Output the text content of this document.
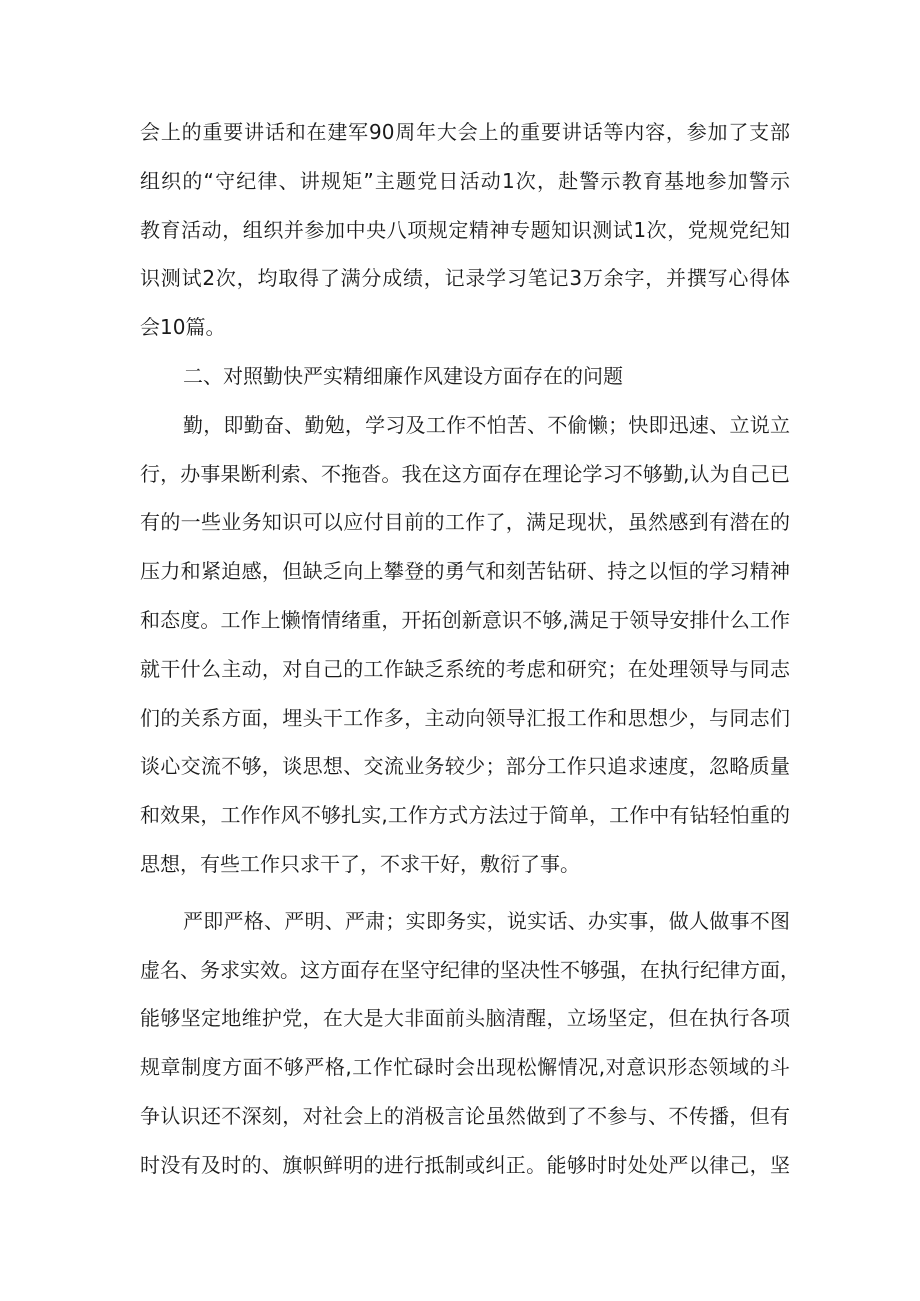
会上的重要讲话和在建军90周年大会上的重要讲话等内容，参加了支部
组织的“守纪律、讲规矩”主题党日活动1次，赴警示教育基地参加警示
教育活动，组织并参加中央八项规定精神专题知识测试1次，党规党纪知
识测试2次，均取得了满分成绩，记录学习笔记3万余字，并撰写心得体
会10篇。
二、对照勤快严实精细廉作风建设方面存在的问题
勤，即勤奋、勤勉，学习及工作不怕苦、不偷懒；快即迅速、立说立
行，办事果断利索、不拖沓。我在这方面存在理论学习不够勤,认为自己已
有的一些业务知识可以应付目前的工作了，满足现状，虽然感到有潜在的
压力和紧迫感，但缺乏向上攀登的勇气和刻苦钻研、持之以恒的学习精神
和态度。工作上懒惰情绪重，开拓创新意识不够,满足于领导安排什么工作
就干什么主动，对自己的工作缺乏系统的考虑和研究；在处理领导与同志
们的关系方面，埋头干工作多，主动向领导汇报工作和思想少，与同志们
谈心交流不够，谈思想、交流业务较少；部分工作只追求速度，忽略质量
和效果，工作作风不够扎实,工作方式方法过于简单，工作中有钻轻怕重的
思想，有些工作只求干了，不求干好，敷衍了事。
严即严格、严明、严肃；实即务实，说实话、办实事，做人做事不图
虚名、务求实效。这方面存在坚守纪律的坚决性不够强，在执行纪律方面，
能够坚定地维护党，在大是大非面前头脑清醒，立场坚定，但在执行各项
规章制度方面不够严格,工作忙碌时会出现松懈情况,对意识形态领域的斗
争认识还不深刻，对社会上的消极言论虽然做到了不参与、不传播，但有
时没有及时的、旗帜鲜明的进行抵制或纠正。能够时时处处严以律己，坚
